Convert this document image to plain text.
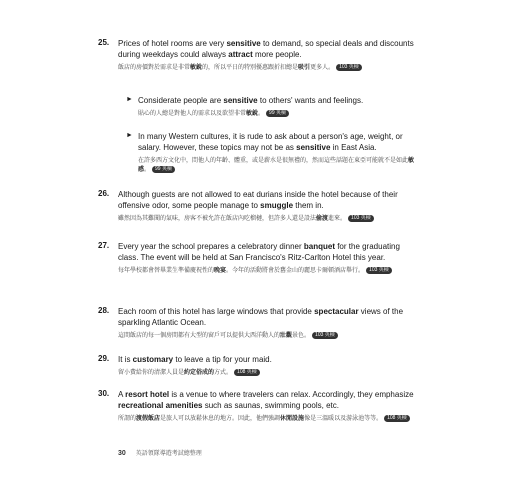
25. Prices of hotel rooms are very sensitive to demand, so special deals and discounts during weekdays could always attract more people.

飯店的房價對於需求是非常敏銳的，所以平日的特別優惠跟折扣總是吸引更多人。 103 英檢

► Considerate people are sensitive to others' wants and feelings.

貼心的人總是對他人的需求以及欲望非常敏銳。 99 英檢

► In many Western cultures, it is rude to ask about a person's age, weight, or salary. However, these topics may not be as sensitive in East Asia.

在許多西方文化中，問他人的年齡、體重，或是薪水是很無禮的，然而這些話題在東亞可能就不是如此敏感。 99 英檢

26. Although guests are not allowed to eat durians inside the hotel because of their offensive odor, some people manage to smuggle them in.

雖然因為其難聞的氣味，房客不被允許在飯店內吃榴槤，但許多人還是設法偷渡進來。 103 英檢

27. Every year the school prepares a celebratory dinner banquet for the graduating class. The event will be held at San Francisco's Ritz-Carlton Hotel this year.

每年學校都會替畢業生準備慶祝性的晚宴。今年的活動將會於舊金山的麗思卡爾頓酒店舉行。 103 英檢

28. Each room of this hotel has large windows that provide spectacular views of the sparkling Atlantic Ocean.

這間飯店的每一個房間都有大型的窗戶可以提供大西洋動人的壯觀景色。 103 英檢

29. It is customary to leave a tip for your maid.

留小費給你的清潔人員是約定俗成的方式。 108 英檢

30. A resort hotel is a venue to where travelers can relax. Accordingly, they emphasize recreational amenities such as saunas, swimming pools, etc.

所謂的渡假飯店是旅人可以放鬆休息的地方。因此，他們強調休閒設施像是三溫暖以及游泳池等等。 108 英檢

30 英語領隊導遊考試總整理
